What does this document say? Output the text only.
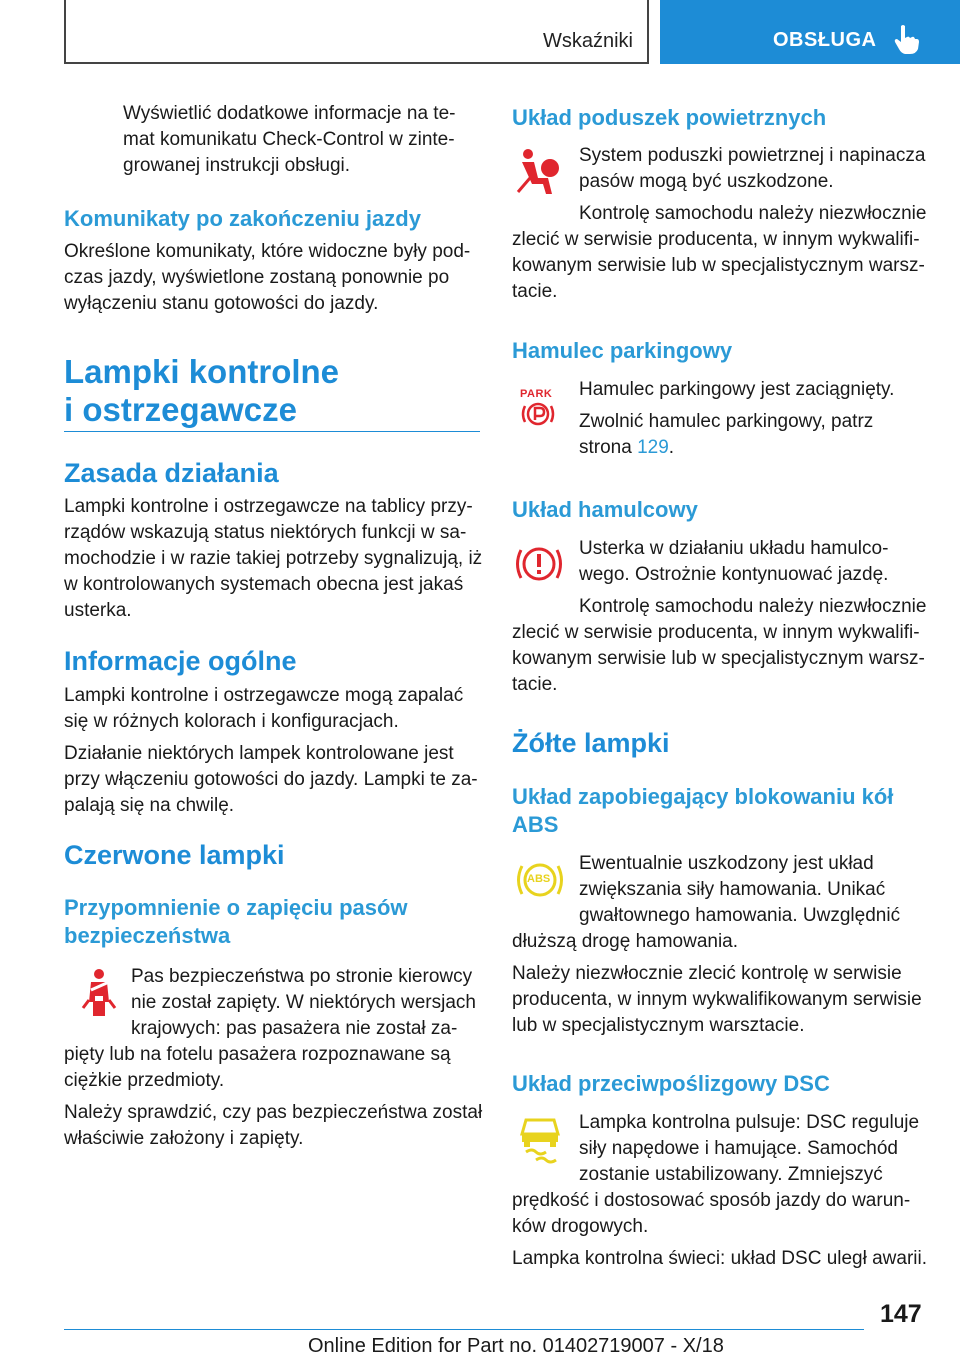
Wskaźniki	OBSŁUGA
Wyświetlić dodatkowe informacje na te-
mat komunikatu Check-Control w zinte-
growanej instrukcji obsługi.
Komunikaty po zakończeniu jazdy
Określone komunikaty, które widoczne były pod-
czas jazdy, wyświetlone zostaną ponownie po
wyłączeniu stanu gotowości do jazdy.
Lampki kontrolne
i ostrzegawcze
Zasada działania
Lampki kontrolne i ostrzegawcze na tablicy przy-
rządów wskazują status niektórych funkcji w sa-
mochodzie i w razie takiej potrzeby sygnalizują, iż
w kontrolowanych systemach obecna jest jakaś
usterka.
Informacje ogólne
Lampki kontrolne i ostrzegawcze mogą zapalać
się w różnych kolorach i konfiguracjach.
Działanie niektórych lampek kontrolowane jest
przy włączeniu gotowości do jazdy. Lampki te za-
palają się na chwilę.
Czerwone lampki
Przypomnienie o zapięciu pasów
bezpieczeństwa
Pas bezpieczeństwa po stronie kierowcy
nie został zapięty. W niektórych wersjach
krajowych: pas pasażera nie został za-
pięty lub na fotelu pasażera rozpoznawane są
ciężkie przedmioty.
Należy sprawdzić, czy pas bezpieczeństwa został
właściwie założony i zapięty.
Układ poduszek powietrznych
System poduszki powietrznej i napinacza
pasów mogą być uszkodzone.
Kontrolę samochodu należy niezwłocznie
zlecić w serwisie producenta, w innym wykwalifi-
kowanym serwisie lub w specjalistycznym warsz-
tacie.
Hamulec parkingowy
PARK Hamulec parkingowy jest zaciągnięty.
Zwolnić hamulec parkingowy, patrz
strona 129.
Układ hamulcowy
Usterka w działaniu układu hamulco-
wego. Ostrożnie kontynuować jazdę.
Kontrolę samochodu należy niezwłocznie
zlecić w serwisie producenta, w innym wykwalifi-
kowanym serwisie lub w specjalistycznym warsz-
tacie.
Żółte lampki
Układ zapobiegający blokowaniu kół
ABS
ABS
Ewentualnie uszkodzony jest układ
zwiększania siły hamowania. Unikać
gwałtownego hamowania. Uwzględnić
dłuższą drogę hamowania.
Należy niezwłocznie zlecić kontrolę w serwisie
producenta, w innym wykwalifikowanym serwisie
lub w specjalistycznym warsztacie.
Układ przeciwpoślizgowy DSC
Lampka kontrolna pulsuje: DSC reguluje
siły napędowe i hamujące. Samochód
zostanie ustabilizowany. Zmniejszyć
prędkość i dostosować sposób jazdy do warun-
ków drogowych.
Lampka kontrolna świeci: układ DSC uległ awarii.
147
Online Edition for Part no. 01402719007 - X/18
